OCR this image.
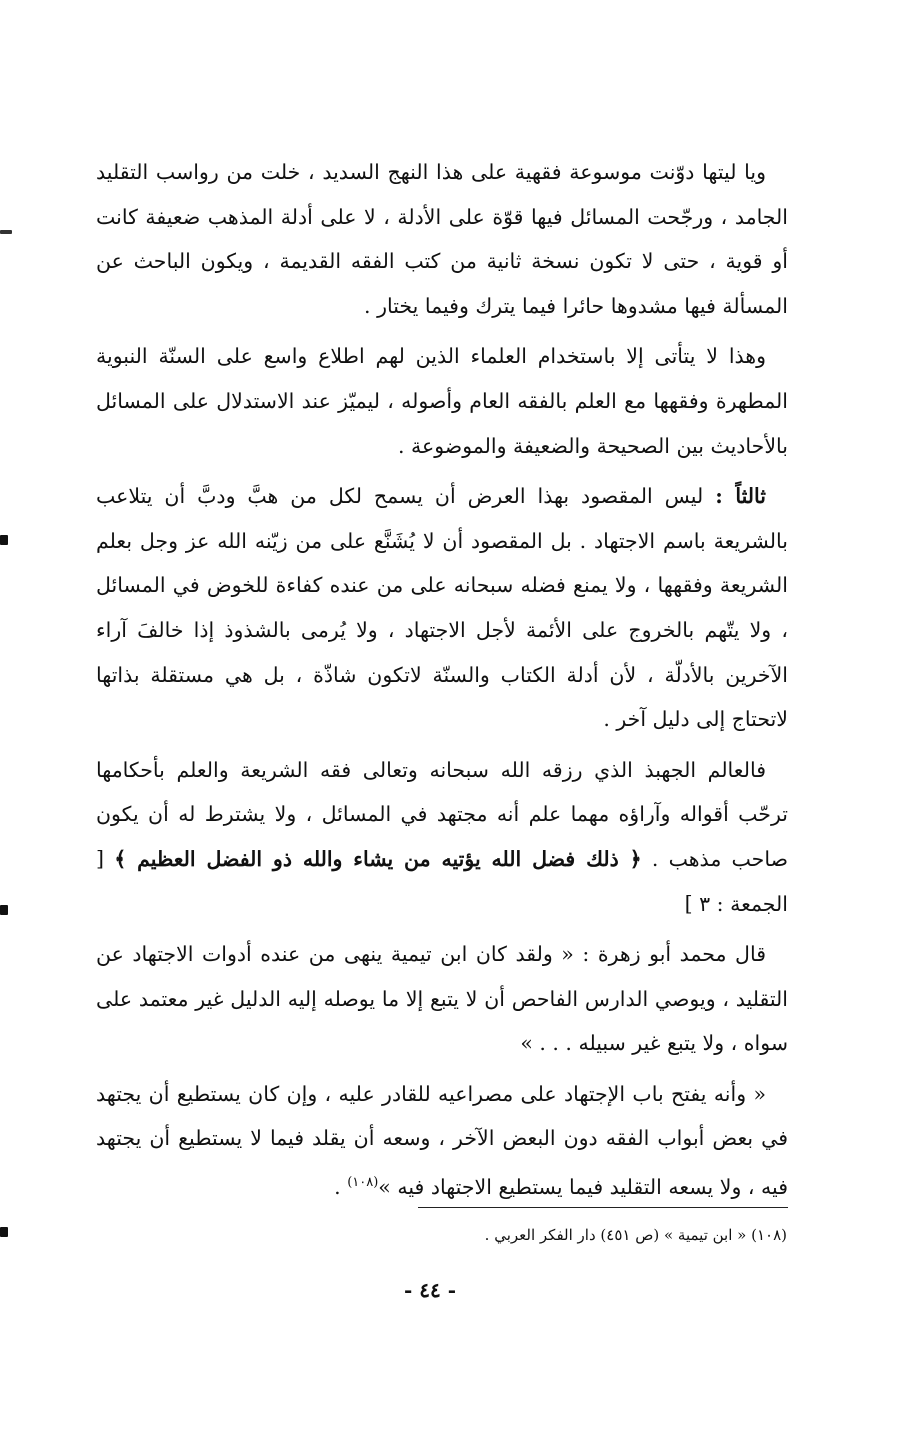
ويا ليتها دوّنت موسوعة فقهية على هذا النهج السديد ، خلت من رواسب التقليد الجامد ، ورجّحت المسائل فيها قوّة على الأدلة ، لا على أدلة المذهب ضعيفة كانت أو قوية ، حتى لا تكون نسخة ثانية من كتب الفقه القديمة ، ويكون الباحث عن المسألة فيها مشدوها حائرا فيما يترك وفيما يختار .

وهذا لا يتأتى إلا باستخدام العلماء الذين لهم اطلاع واسع على السنّة النبوية المطهرة وفقهها مع العلم بالفقه العام وأصوله ، ليميّز عند الاستدلال على المسائل بالأحاديث بين الصحيحة والضعيفة والموضوعة .

ثالثاً : ليس المقصود بهذا العرض أن يسمح لكل من هبَّ ودبَّ أن يتلاعب بالشريعة باسم الاجتهاد . بل المقصود أن لا يُشَنَّع على من زيّنه الله عز وجل بعلم الشريعة وفقهها ، ولا يمنع فضله سبحانه على من عنده كفاءة للخوض في المسائل ، ولا يتّهم بالخروج على الأئمة لأجل الاجتهاد ، ولا يُرمى بالشذوذ إذا خالفَ آراء الآخرين بالأدلّة ، لأن أدلة الكتاب والسنّة لاتكون شاذّة ، بل هي مستقلة بذاتها لاتحتاج إلى دليل آخر .

فالعالم الجهبذ الذي رزقه الله سبحانه وتعالى فقه الشريعة والعلم بأحكامها ترحّب أقواله وآراؤه مهما علم أنه مجتهد في المسائل ، ولا يشترط له أن يكون صاحب مذهب . ﴿ ذلك فضل الله يؤتيه من يشاء والله ذو الفضل العظيم ﴾ [ الجمعة : ٣ ]

قال محمد أبو زهرة : « ولقد كان ابن تيمية ينهى من عنده أدوات الاجتهاد عن التقليد ، ويوصي الدارس الفاحص أن لا يتبع إلا ما يوصله إليه الدليل غير معتمد على سواه ، ولا يتبع غير سبيله . . . »

« وأنه يفتح باب الإجتهاد على مصراعيه للقادر عليه ، وإن كان يستطيع أن يجتهد في بعض أبواب الفقه دون البعض الآخر ، وسعه أن يقلد فيما لا يستطيع أن يجتهد فيه ، ولا يسعه التقليد فيما يستطيع الاجتهاد فيه »$^{(١٠٨)}$ .

(١٠٨) « ابن تيمية » (ص ٤٥١) دار الفكر العربي .
- ٤٤ -
